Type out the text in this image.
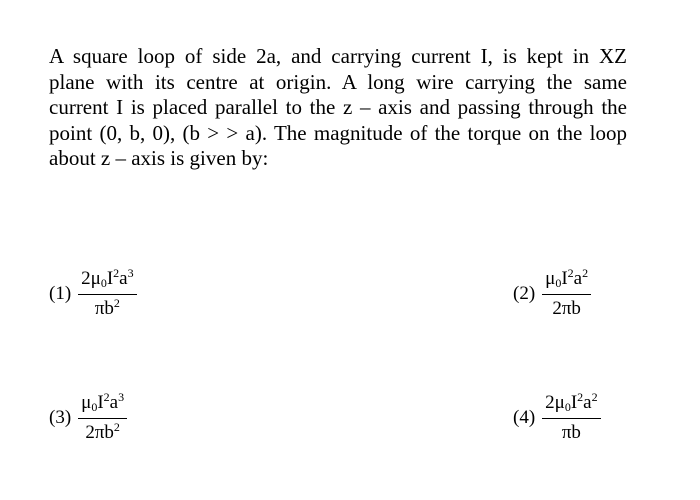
A square loop of side 2a, and carrying current I, is kept in XZ
plane with its centre at origin. A long wire carrying the same
current I is placed parallel to the z – axis and passing through the
point (0, b, 0), (b > > a). The magnitude of the torque on the loop
about z – axis is given by:
$(1) \frac{2\mu_0I^2a^3}{\pi b^2}$	$(2) \frac{\mu_0I^2a^2}{2\pi b}$
$(3) \frac{\mu_0I^2a^3}{2\pi b^2}$	$(4) \frac{2\mu_0I^2a^2}{\pi b}$
